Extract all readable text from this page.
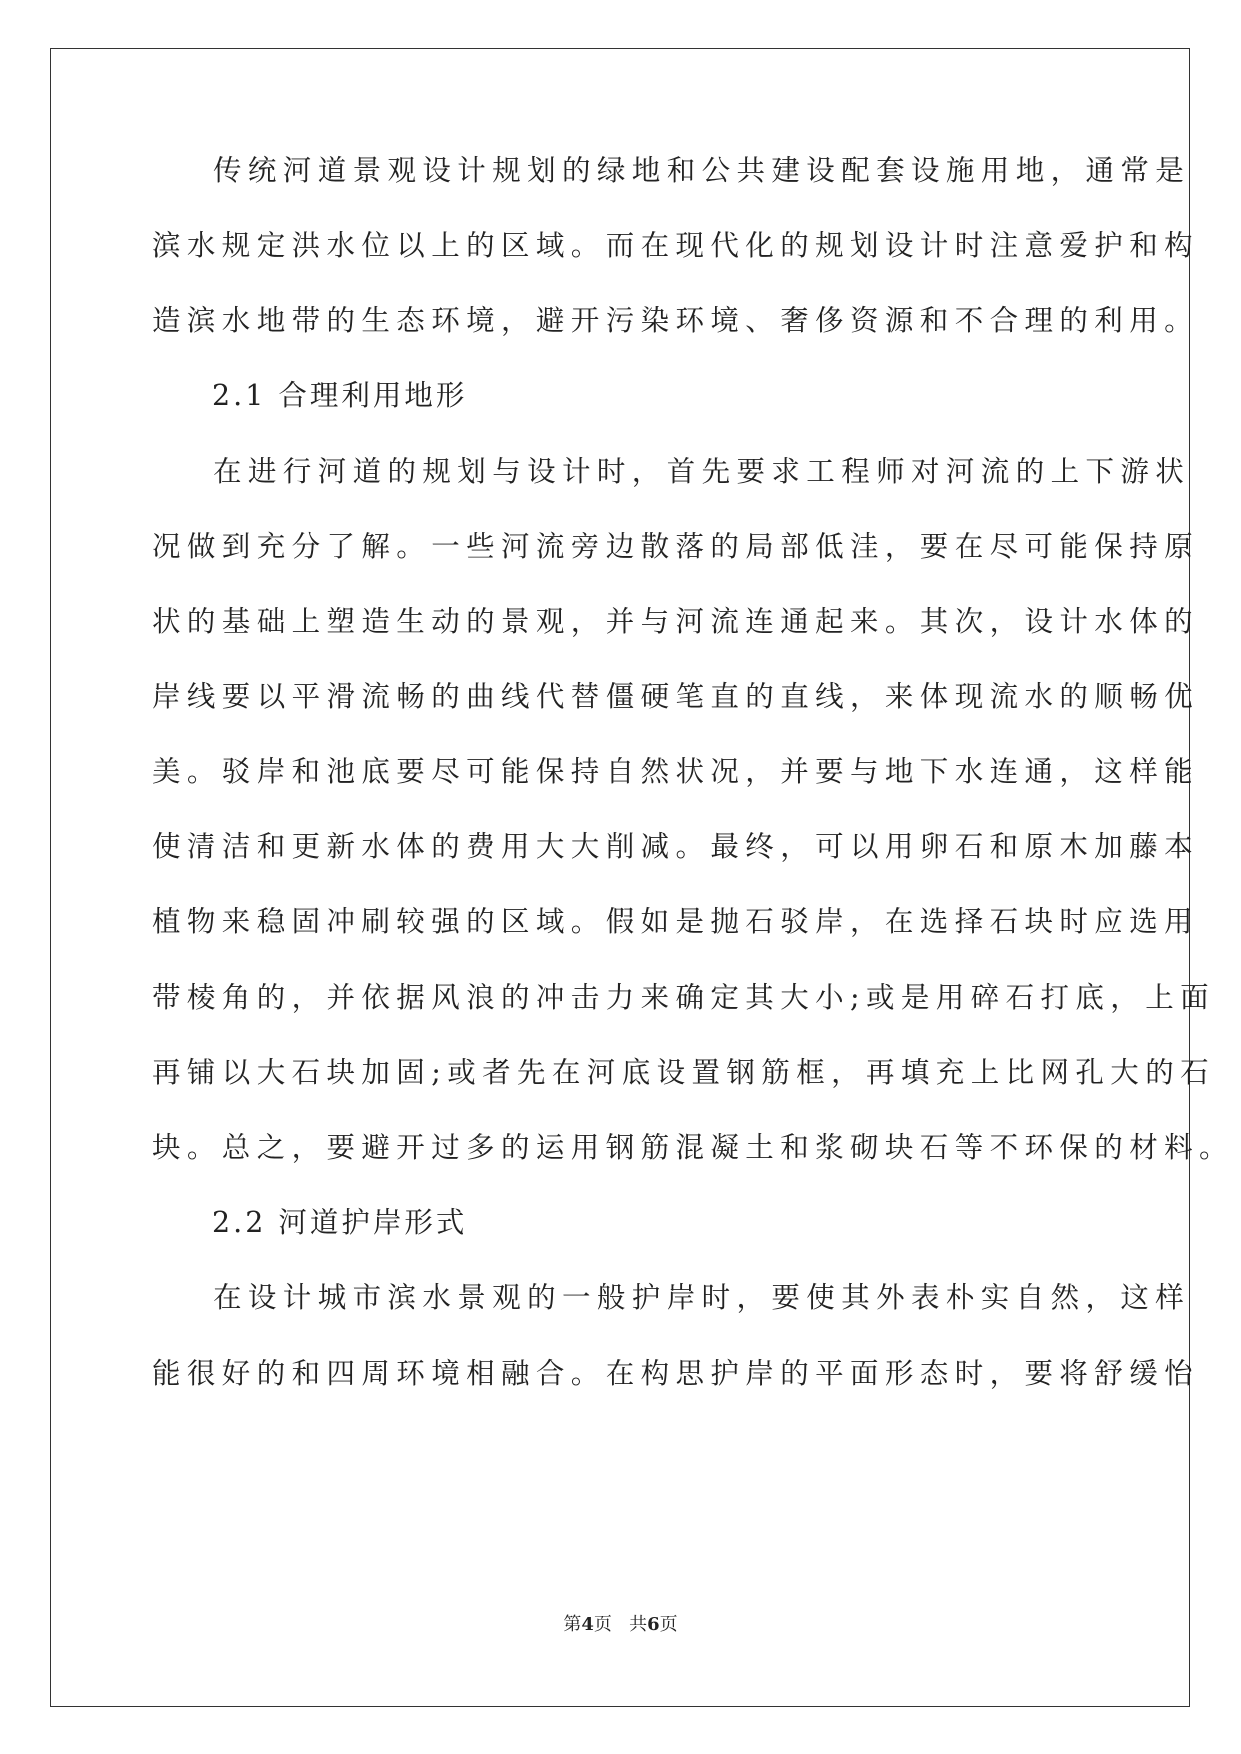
传统河道景观设计规划的绿地和公共建设配套设施用地，通常是

滨水规定洪水位以上的区域。而在现代化的规划设计时注意爱护和构

造滨水地带的生态环境，避开污染环境、奢侈资源和不合理的利用。

2.1 合理利用地形

在进行河道的规划与设计时，首先要求工程师对河流的上下游状

况做到充分了解。一些河流旁边散落的局部低洼，要在尽可能保持原

状的基础上塑造生动的景观，并与河流连通起来。其次，设计水体的

岸线要以平滑流畅的曲线代替僵硬笔直的直线，来体现流水的顺畅优

美。驳岸和池底要尽可能保持自然状况，并要与地下水连通，这样能

使清洁和更新水体的费用大大削减。最终，可以用卵石和原木加藤本

植物来稳固冲刷较强的区域。假如是抛石驳岸，在选择石块时应选用

带棱角的，并依据风浪的冲击力来确定其大小;或是用碎石打底，上面

再铺以大石块加固;或者先在河底设置钢筋框，再填充上比网孔大的石

块。总之，要避开过多的运用钢筋混凝土和浆砌块石等不环保的材料。

2.2 河道护岸形式

在设计城市滨水景观的一般护岸时，要使其外表朴实自然，这样

能很好的和四周环境相融合。在构思护岸的平面形态时，要将舒缓怡

第4页 共6页
